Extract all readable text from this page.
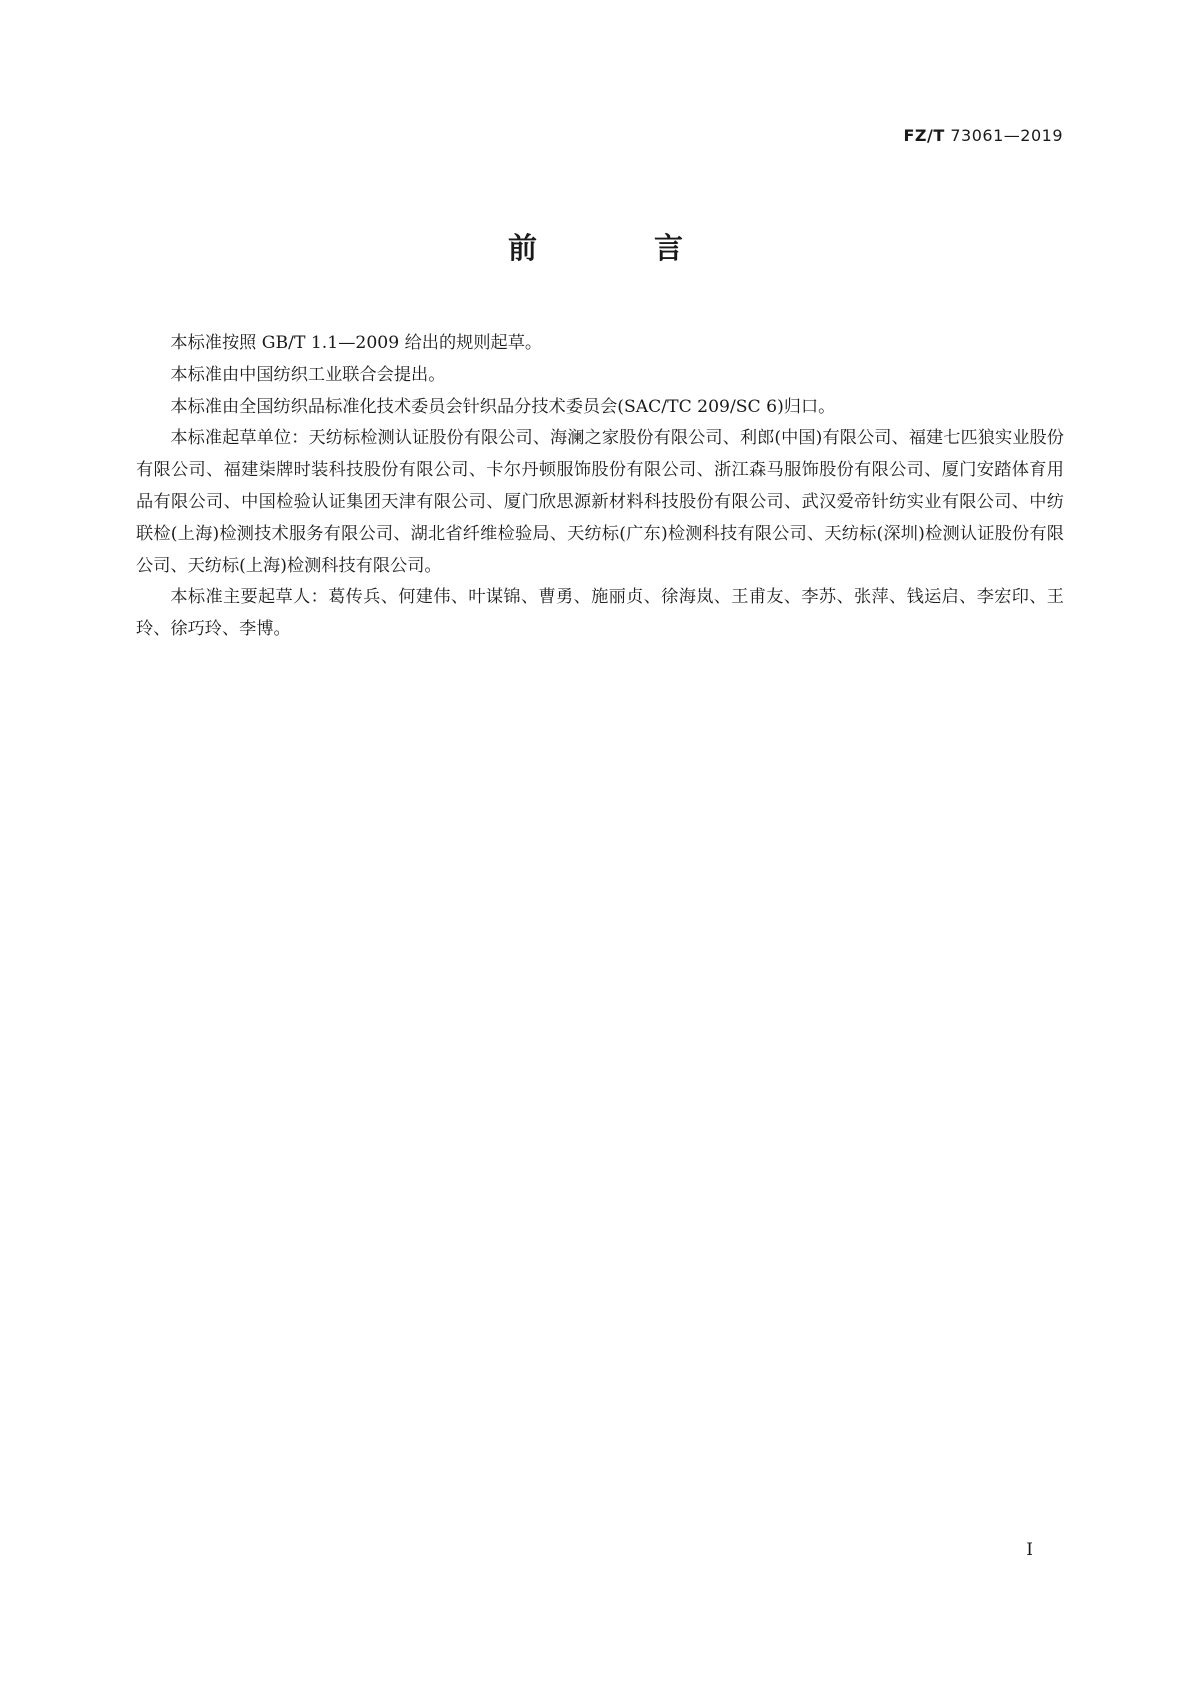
FZ/T 73061—2019
前　言

本标准按照 GB/T 1.1—2009 给出的规则起草。

本标准由中国纺织工业联合会提出。

本标准由全国纺织品标准化技术委员会针织品分技术委员会(SAC/TC 209/SC 6)归口。

本标准起草单位：天纺标检测认证股份有限公司、海澜之家股份有限公司、利郎(中国)有限公司、福建七匹狼实业股份有限公司、福建柒牌时装科技股份有限公司、卡尔丹顿服饰股份有限公司、浙江森马服饰股份有限公司、厦门安踏体育用品有限公司、中国检验认证集团天津有限公司、厦门欣思源新材料科技股份有限公司、武汉爱帝针纺实业有限公司、中纺联检(上海)检测技术服务有限公司、湖北省纤维检验局、天纺标(广东)检测科技有限公司、天纺标(深圳)检测认证股份有限公司、天纺标(上海)检测科技有限公司。

本标准主要起草人：葛传兵、何建伟、叶谋锦、曹勇、施丽贞、徐海岚、王甫友、李苏、张萍、钱运启、李宏印、王玲、徐巧玲、李博。

I
